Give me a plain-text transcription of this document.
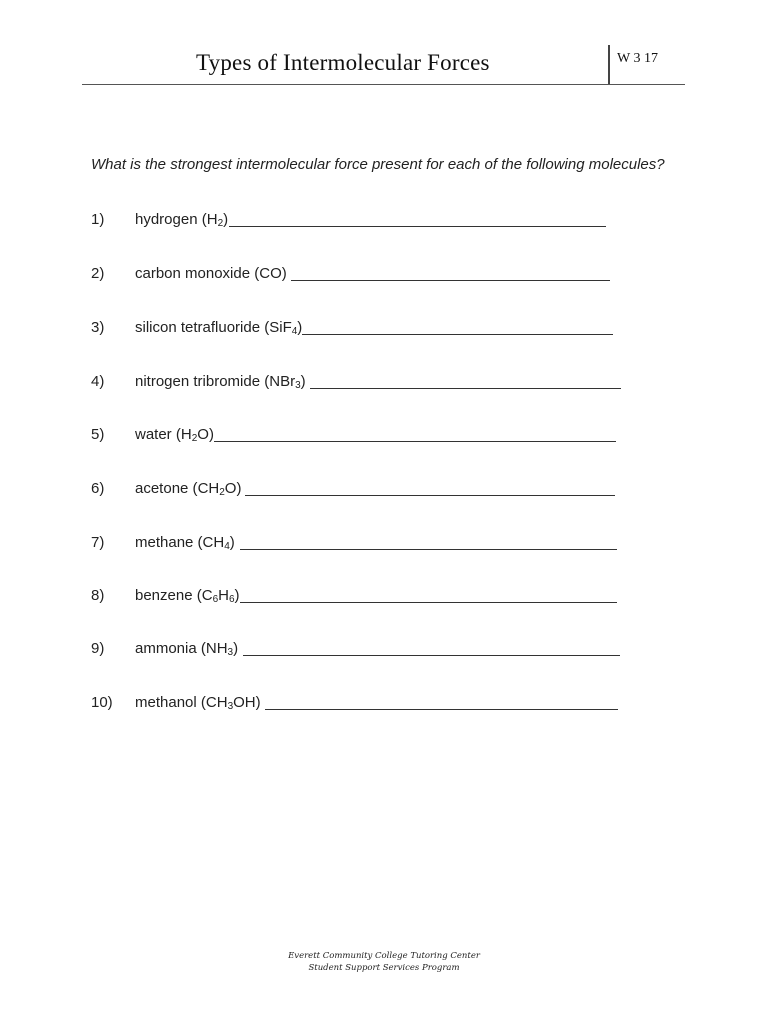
Types of Intermolecular Forces	W 3 17
What is the strongest intermolecular force present for each of the following molecules?
1) hydrogen $(H_2)$
2) carbon monoxide (CO)
3) silicon tetrafluoride (SiF$_4$)
4) nitrogen tribromide (NBr$_3$)
5) water $(H_2O)$
6) acetone $(CH_2O)$
7) methane $(CH_4)$
8) benzene $(C_6H_6)$
9) ammonia $(NH_3)$
10) methanol $(CH_3OH)$
Everett Community College Tutoring Center
Student Support Services Program
